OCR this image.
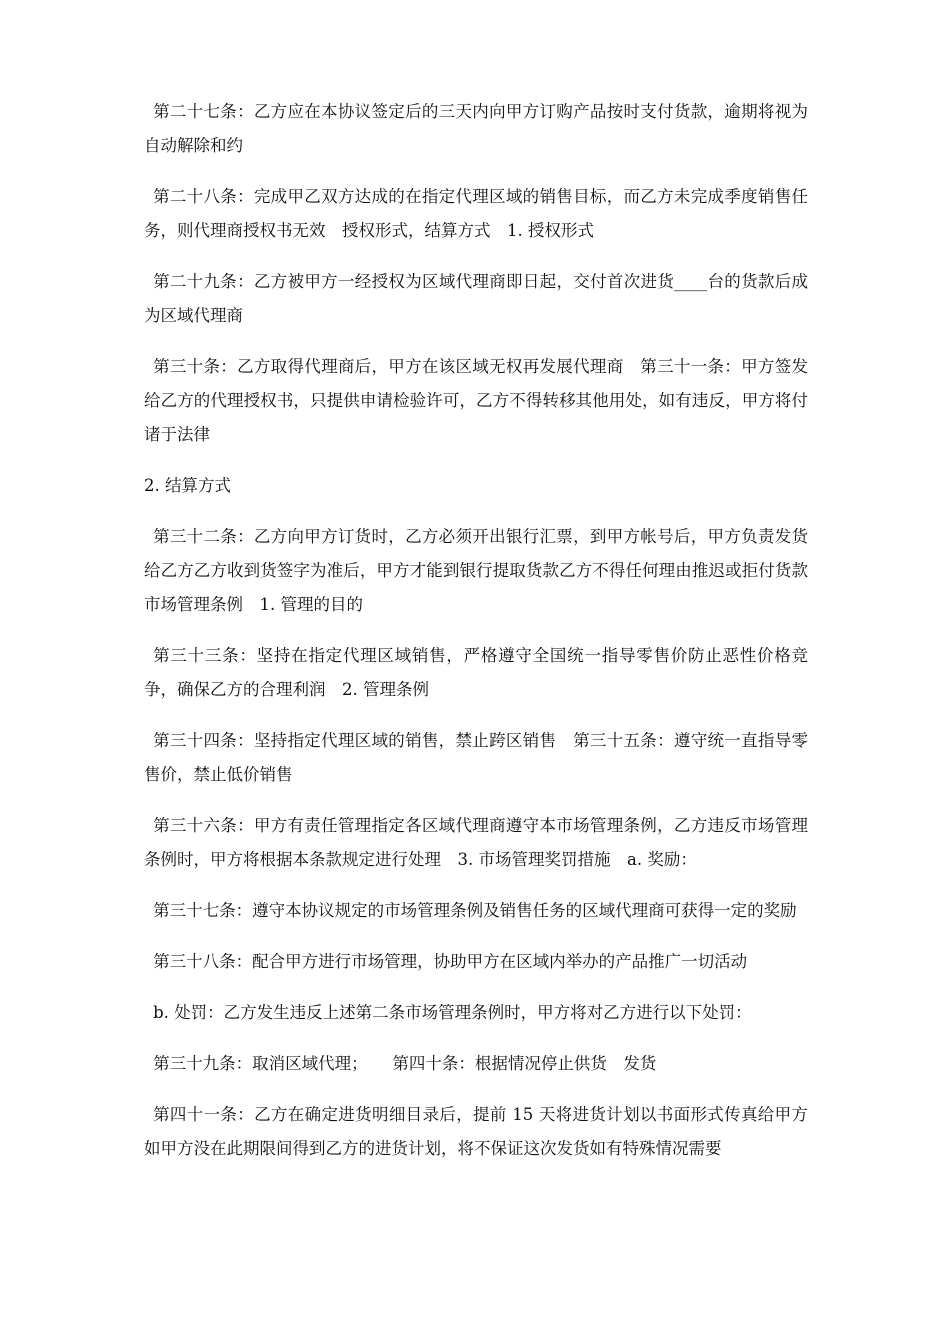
第二十七条：乙方应在本协议签定后的三天内向甲方订购产品按时支付货款，逾期将视为自动解除和约

第二十八条：完成甲乙双方达成的在指定代理区域的销售目标，而乙方未完成季度销售任务，则代理商授权书无效　授权形式，结算方式　1. 授权形式

第二十九条：乙方被甲方一经授权为区域代理商即日起，交付首次进货____台的货款后成为区域代理商

第三十条：乙方取得代理商后，甲方在该区域无权再发展代理商　第三十一条：甲方签发给乙方的代理授权书，只提供申请检验许可，乙方不得转移其他用处，如有违反，甲方将付诸于法律

2. 结算方式

第三十二条：乙方向甲方订货时，乙方必须开出银行汇票，到甲方帐号后，甲方负责发货给乙方乙方收到货签字为准后，甲方才能到银行提取货款乙方不得任何理由推迟或拒付货款　市场管理条例　1. 管理的目的

第三十三条：坚持在指定代理区域销售，严格遵守全国统一指导零售价防止恶性价格竞争，确保乙方的合理利润　2. 管理条例

第三十四条：坚持指定代理区域的销售，禁止跨区销售　第三十五条：遵守统一直指导零售价，禁止低价销售

第三十六条：甲方有责任管理指定各区域代理商遵守本市场管理条例，乙方违反市场管理条例时，甲方将根据本条款规定进行处理　3. 市场管理奖罚措施　a. 奖励：

第三十七条：遵守本协议规定的市场管理条例及销售任务的区域代理商可获得一定的奖励

第三十八条：配合甲方进行市场管理，协助甲方在区域内举办的产品推广一切活动

b. 处罚：乙方发生违反上述第二条市场管理条例时，甲方将对乙方进行以下处罚：

第三十九条：取消区域代理；　　第四十条：根据情况停止供货　发货

第四十一条：乙方在确定进货明细目录后，提前 15 天将进货计划以书面形式传真给甲方如甲方没在此期限间得到乙方的进货计划，将不保证这次发货如有特殊情况需要
